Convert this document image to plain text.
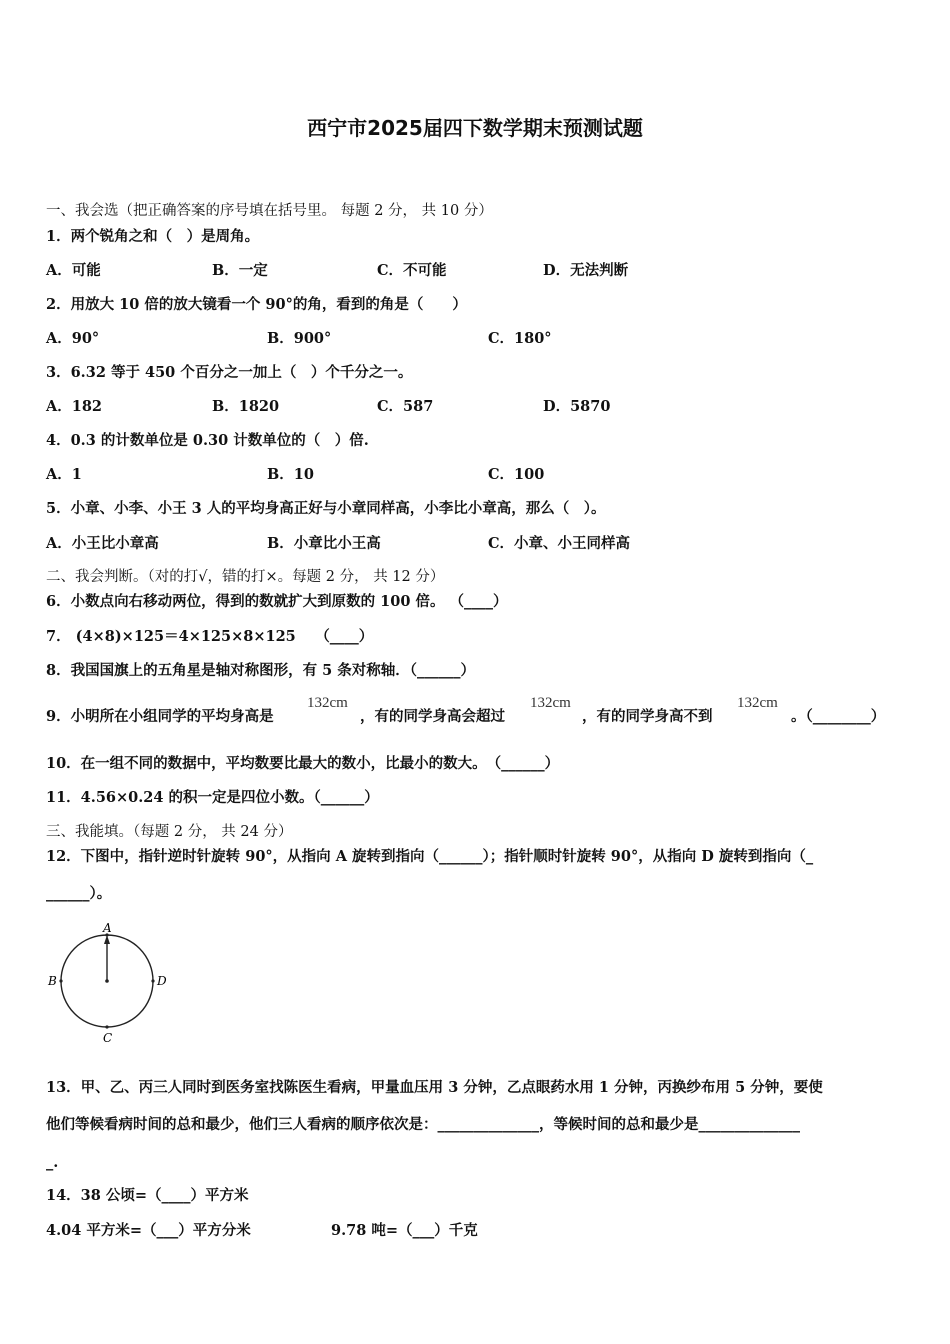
西宁市2025届四下数学期末预测试题
一、我会选（把正确答案的序号填在括号里。 每题 2 分， 共 10 分）
1．两个锐角之和（　）是周角。
A．可能	B．一定	C．不可能	D．无法判断
2．用放大 10 倍的放大镜看一个 90°的角，看到的角是（　　）
A．90°	B．900°	C．180°
3．6.32 等于 450 个百分之一加上（　）个千分之一。
A．182	B．1820	C．587	D．5870
4．0.3 的计数单位是 0.30 计数单位的（　）倍.
A．1	B．10	C．100
5．小章、小李、小王 3 人的平均身高正好与小章同样高，小李比小章高，那么（　）。
A．小王比小章高	B．小章比小王高	C．小章、小王同样高
二、我会判断。（对的打√，错的打×。每题 2 分， 共 12 分）
6．小数点向右移动两位，得到的数就扩大到原数的 100 倍。 （____）
7． (4×8)×125＝4×125×8×125　 （____）
8．我国国旗上的五角星是轴对称图形，有 5 条对称轴．（______）
9．小明所在小组同学的平均身高是
132cm
，有的同学身高会超过
132cm
，有的同学身高不到
132cm
。（________）
10．在一组不同的数据中，平均数要比最大的数小，比最小的数大。　（______）
11．4.56×0.24 的积一定是四位小数。（______）
三、我能填。（每题 2 分， 共 24 分）
12．下图中，指针逆时针旋转 90°，从指向 A 旋转到指向（______）；指针顺时针旋转 90°，从指向 D 旋转到指向（_
______）。
A
B	D
C
13．甲、乙、丙三人同时到医务室找陈医生看病，甲量血压用 3 分钟，乙点眼药水用 1 分钟，丙换纱布用 5 分钟，要使
他们等候看病时间的总和最少，他们三人看病的顺序依次是：______________，等候时间的总和最少是______________
_.
14．38 公顷=（____）平方米
4.04 平方米=（___）平方分米	9.78 吨=（___）千克
